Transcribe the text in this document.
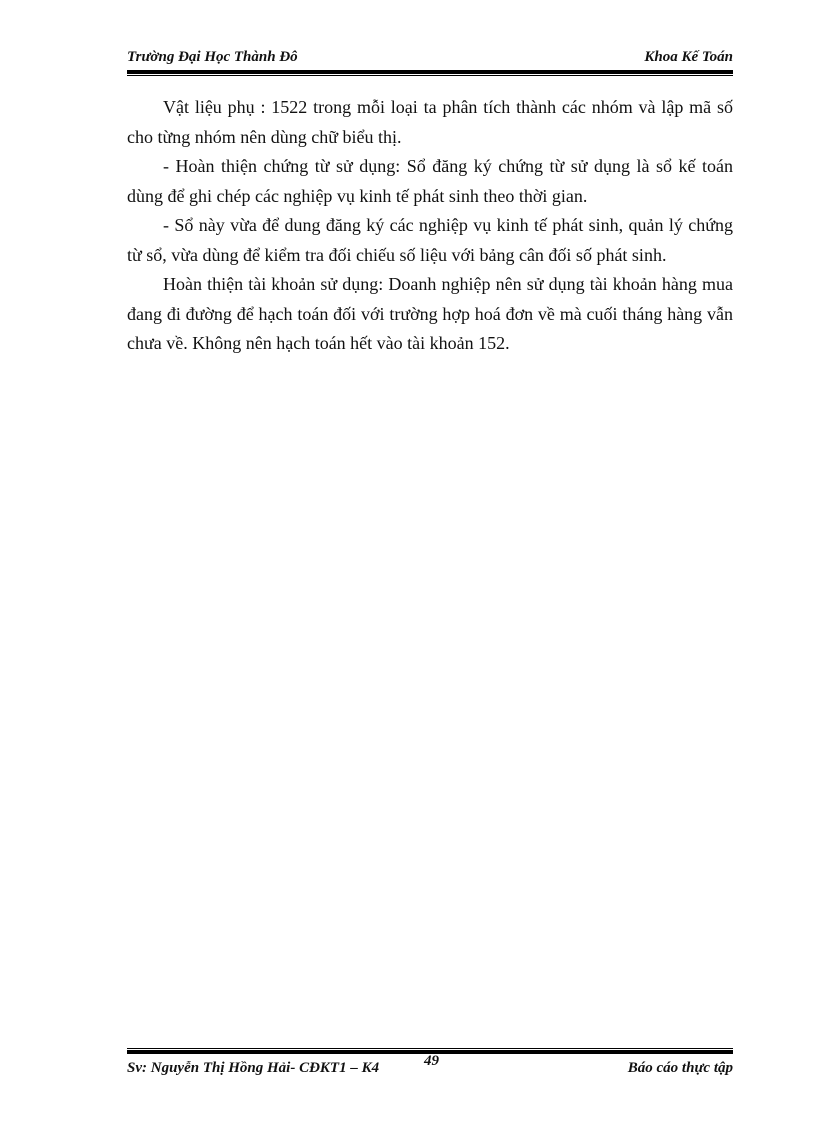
Trường Đại Học Thành Đô	Khoa Kế Toán

Vật liệu phụ : 1522 trong mỗi loại ta phân tích thành các nhóm và lập mã số cho từng nhóm nên dùng chữ biểu thị.

- Hoàn thiện chứng từ sử dụng: Sổ đăng ký chứng từ sử dụng là sổ kế toán dùng để ghi chép các nghiệp vụ kinh tế phát sinh theo thời gian.

- Sổ này vừa để dung đăng ký các nghiệp vụ kinh tế phát sinh, quản lý chứng từ sổ, vừa dùng để kiểm tra đối chiếu số liệu với bảng cân đối số phát sinh.

Hoàn thiện tài khoản sử dụng: Doanh nghiệp nên sử dụng tài khoản hàng mua đang đi đường để hạch toán đối với trường hợp hoá đơn về mà cuối tháng hàng vẫn chưa về. Không nên hạch toán hết vào tài khoản 152.

Sv: Nguyễn Thị Hồng Hải- CĐKT1 – K4	49	Báo cáo thực tập
